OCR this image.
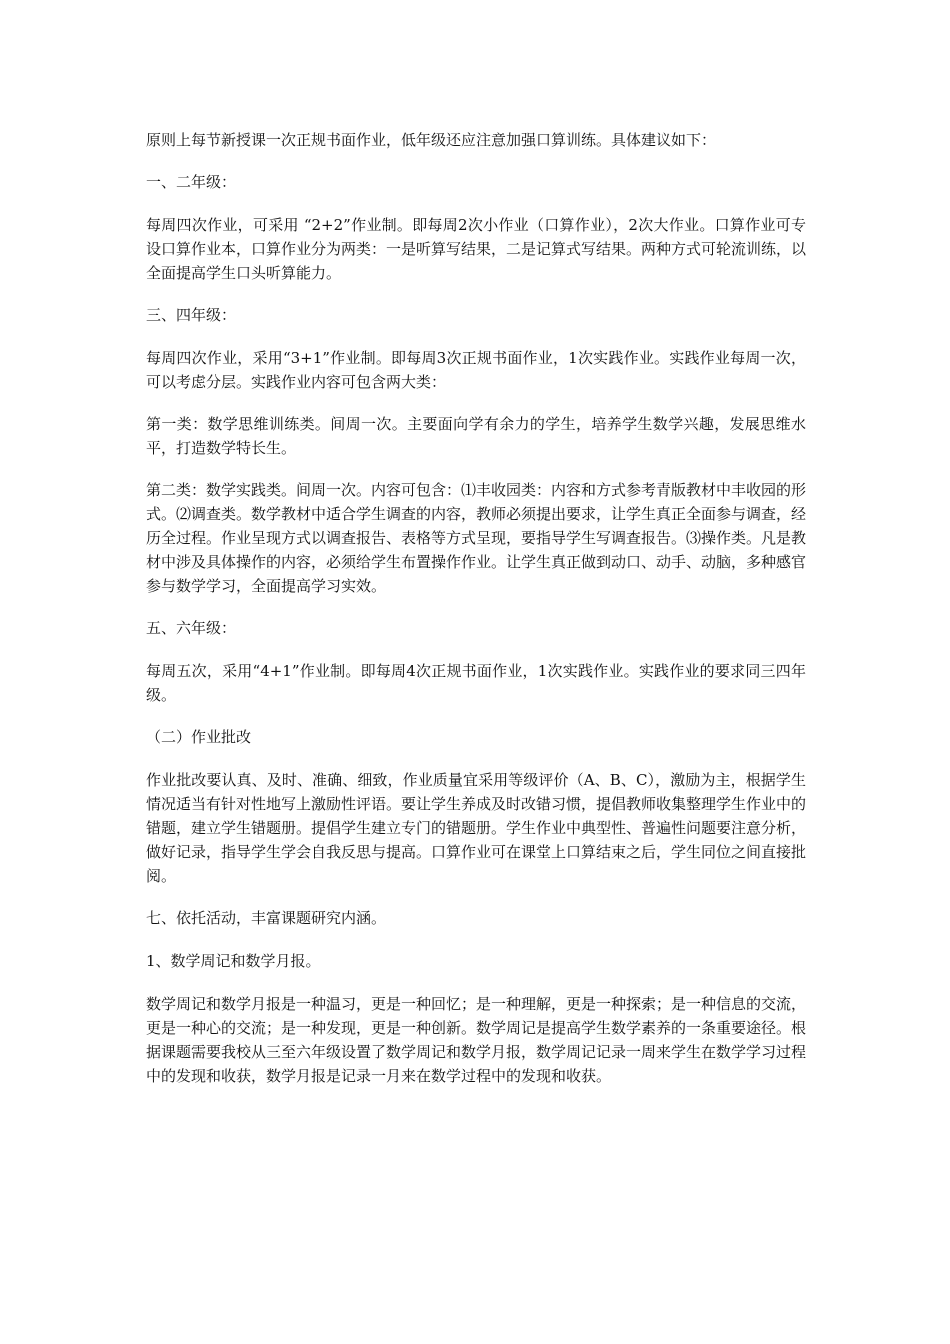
原则上每节新授课一次正规书面作业，低年级还应注意加强口算训练。具体建议如下：

一、二年级：

每周四次作业，可采用 “2+2”作业制。即每周2次小作业（口算作业），2次大作业。口算作业可专设口算作业本，口算作业分为两类：一是听算写结果，二是记算式写结果。两种方式可轮流训练，以全面提高学生口头听算能力。

三、四年级：

每周四次作业，采用“3+1”作业制。即每周3次正规书面作业，1次实践作业。实践作业每周一次，可以考虑分层。实践作业内容可包含两大类：

第一类：数学思维训练类。间周一次。主要面向学有余力的学生，培养学生数学兴趣，发展思维水平，打造数学特长生。

第二类：数学实践类。间周一次。内容可包含：⑴丰收园类：内容和方式参考青版教材中丰收园的形式。⑵调查类。数学教材中适合学生调查的内容，教师必须提出要求，让学生真正全面参与调查，经历全过程。作业呈现方式以调查报告、表格等方式呈现，要指导学生写调查报告。⑶操作类。凡是教材中涉及具体操作的内容，必须给学生布置操作作业。让学生真正做到动口、动手、动脑，多种感官参与数学学习，全面提高学习实效。

五、六年级：

每周五次，采用“4+1”作业制。即每周4次正规书面作业，1次实践作业。实践作业的要求同三四年级。

（二）作业批改

作业批改要认真、及时、准确、细致，作业质量宜采用等级评价（A、B、C），激励为主，根据学生情况适当有针对性地写上激励性评语。要让学生养成及时改错习惯，提倡教师收集整理学生作业中的错题，建立学生错题册。提倡学生建立专门的错题册。学生作业中典型性、普遍性问题要注意分析，做好记录，指导学生学会自我反思与提高。口算作业可在课堂上口算结束之后，学生同位之间直接批阅。

七、依托活动，丰富课题研究内涵。

1、数学周记和数学月报。

数学周记和数学月报是一种温习，更是一种回忆；是一种理解，更是一种探索；是一种信息的交流，更是一种心的交流；是一种发现，更是一种创新。数学周记是提高学生数学素养的一条重要途径。根据课题需要我校从三至六年级设置了数学周记和数学月报，数学周记记录一周来学生在数学学习过程中的发现和收获，数学月报是记录一月来在数学过程中的发现和收获。
